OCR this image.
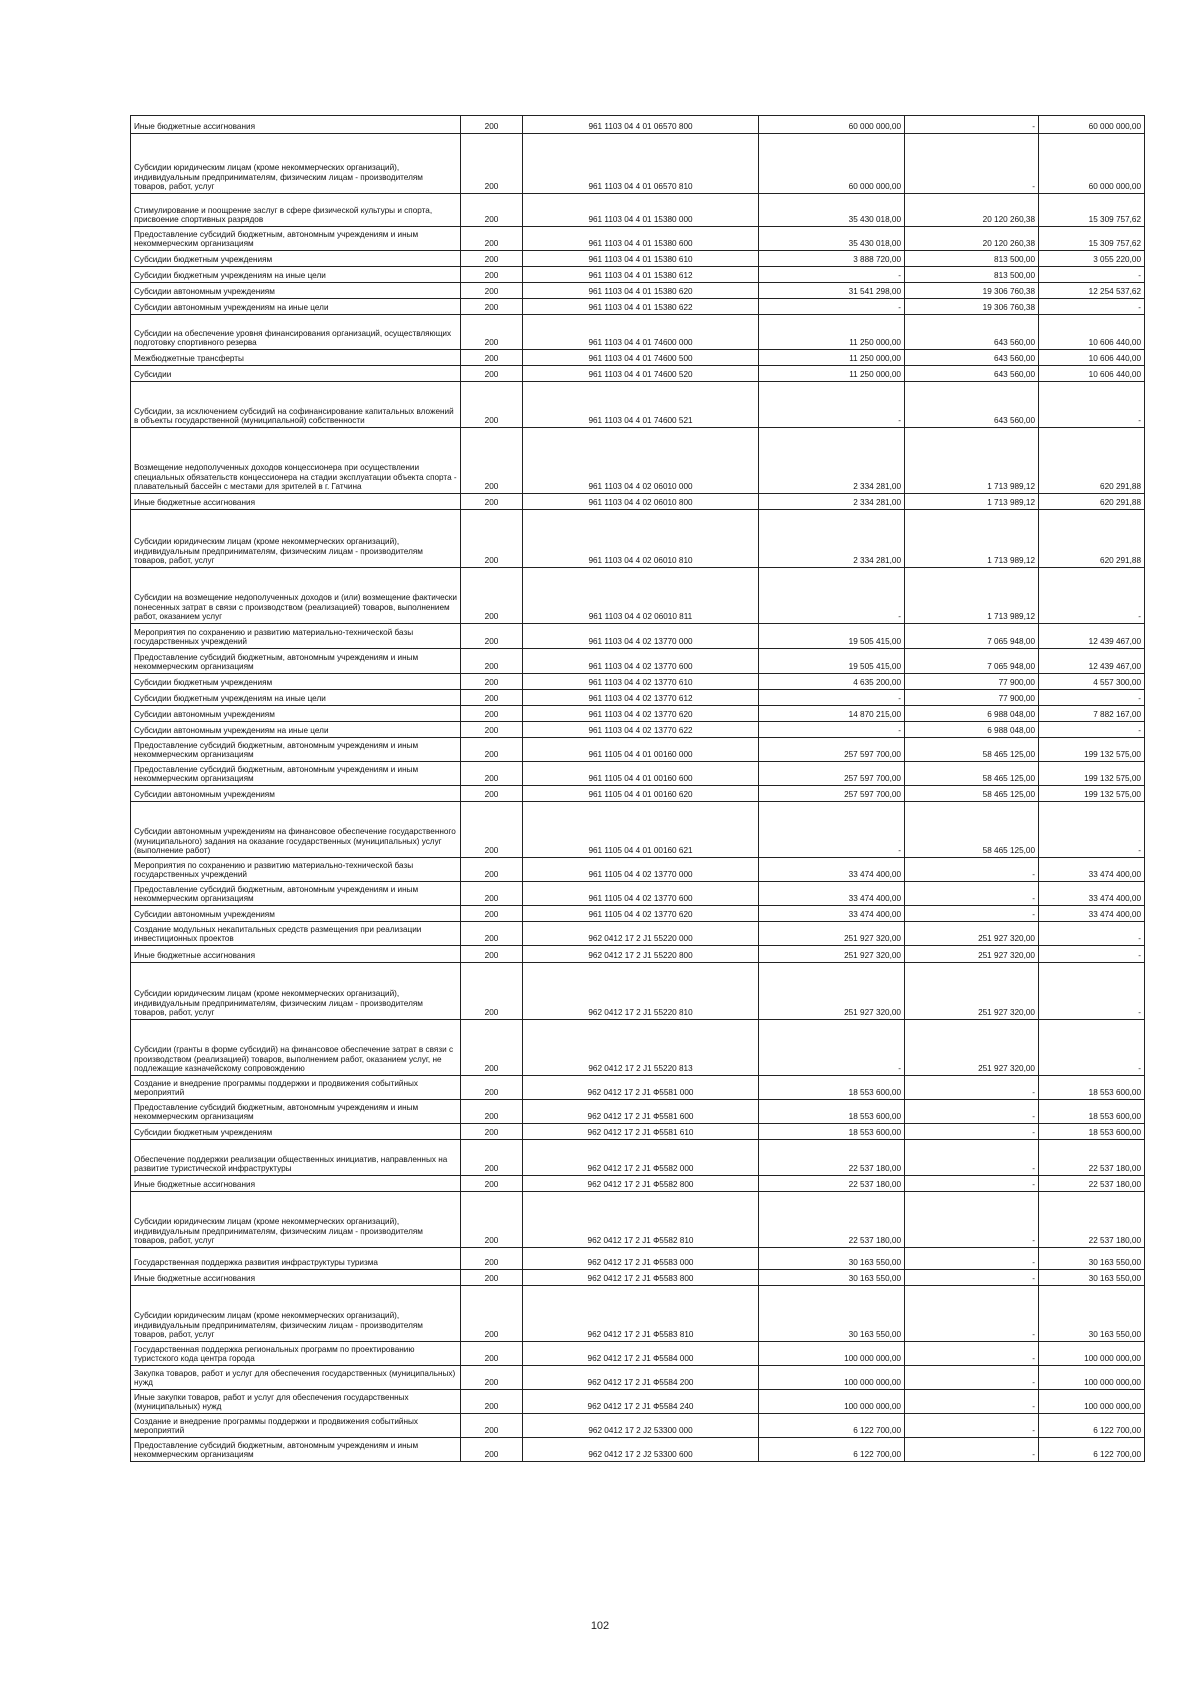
Иные бюджетные ассигнования	200	961 1103 04 4 01 06570 800	60 000 000,00	-	60 000 000,00
Субсидии юридическим лицам (кроме некоммерческих организаций), индивидуальным предпринимателям, физическим лицам - производителям товаров, работ, услуг	200	961 1103 04 4 01 06570 810	60 000 000,00	-	60 000 000,00
Стимулирование и поощрение заслуг в сфере физической культуры и спорта, присвоение спортивных разрядов	200	961 1103 04 4 01 15380 000	35 430 018,00	20 120 260,38	15 309 757,62
Предоставление субсидий бюджетным, автономным учреждениям и иным некоммерческим организациям	200	961 1103 04 4 01 15380 600	35 430 018,00	20 120 260,38	15 309 757,62
Субсидии бюджетным учреждениям	200	961 1103 04 4 01 15380 610	3 888 720,00	813 500,00	3 055 220,00
Субсидии бюджетным учреждениям на иные цели	200	961 1103 04 4 01 15380 612	-	813 500,00	-
Субсидии автономным учреждениям	200	961 1103 04 4 01 15380 620	31 541 298,00	19 306 760,38	12 254 537,62
Субсидии автономным учреждениям на иные цели	200	961 1103 04 4 01 15380 622	-	19 306 760,38	-
Субсидии на обеспечение уровня финансирования организаций, осуществляющих подготовку спортивного резерва	200	961 1103 04 4 01 74600 000	11 250 000,00	643 560,00	10 606 440,00
Межбюджетные трансферты	200	961 1103 04 4 01 74600 500	11 250 000,00	643 560,00	10 606 440,00
Субсидии	200	961 1103 04 4 01 74600 520	11 250 000,00	643 560,00	10 606 440,00
Субсидии, за исключением субсидий на софинансирование капитальных вложений в объекты государственной (муниципальной) собственности	200	961 1103 04 4 01 74600 521	-	643 560,00	-
Возмещение недополученных доходов концессионера при осуществлении специальных обязательств концессионера на стадии эксплуатации объекта спорта - плавательный бассейн с местами для зрителей в г. Гатчина	200	961 1103 04 4 02 06010 000	2 334 281,00	1 713 989,12	620 291,88
Иные бюджетные ассигнования	200	961 1103 04 4 02 06010 800	2 334 281,00	1 713 989,12	620 291,88
Субсидии юридическим лицам (кроме некоммерческих организаций), индивидуальным предпринимателям, физическим лицам - производителям товаров, работ, услуг	200	961 1103 04 4 02 06010 810	2 334 281,00	1 713 989,12	620 291,88
Субсидии на возмещение недополученных доходов и (или) возмещение фактически понесенных затрат в связи с производством (реализацией) товаров, выполнением работ, оказанием услуг	200	961 1103 04 4 02 06010 811	-	1 713 989,12	-
Мероприятия по сохранению и развитию материально-технической базы государственных учреждений	200	961 1103 04 4 02 13770 000	19 505 415,00	7 065 948,00	12 439 467,00
Предоставление субсидий бюджетным, автономным учреждениям и иным некоммерческим организациям	200	961 1103 04 4 02 13770 600	19 505 415,00	7 065 948,00	12 439 467,00
Субсидии бюджетным учреждениям	200	961 1103 04 4 02 13770 610	4 635 200,00	77 900,00	4 557 300,00
Субсидии бюджетным учреждениям на иные цели	200	961 1103 04 4 02 13770 612	-	77 900,00	-
Субсидии автономным учреждениям	200	961 1103 04 4 02 13770 620	14 870 215,00	6 988 048,00	7 882 167,00
Субсидии автономным учреждениям на иные цели	200	961 1103 04 4 02 13770 622	-	6 988 048,00	-
Предоставление субсидий бюджетным, автономным учреждениям и иным некоммерческим организациям	200	961 1105 04 4 01 00160 000	257 597 700,00	58 465 125,00	199 132 575,00
Предоставление субсидий бюджетным, автономным учреждениям и иным некоммерческим организациям	200	961 1105 04 4 01 00160 600	257 597 700,00	58 465 125,00	199 132 575,00
Субсидии автономным учреждениям	200	961 1105 04 4 01 00160 620	257 597 700,00	58 465 125,00	199 132 575,00
Субсидии автономным учреждениям на финансовое обеспечение государственного (муниципального) задания на оказание государственных (муниципальных) услуг (выполнение работ)	200	961 1105 04 4 01 00160 621	-	58 465 125,00	-
Мероприятия по сохранению и развитию материально-технической базы государственных учреждений	200	961 1105 04 4 02 13770 000	33 474 400,00	-	33 474 400,00
Предоставление субсидий бюджетным, автономным учреждениям и иным некоммерческим организациям	200	961 1105 04 4 02 13770 600	33 474 400,00	-	33 474 400,00
Субсидии автономным учреждениям	200	961 1105 04 4 02 13770 620	33 474 400,00	-	33 474 400,00
Создание модульных некапитальных средств размещения при реализации инвестиционных проектов	200	962 0412 17 2 J1 55220 000	251 927 320,00	251 927 320,00	-
Иные бюджетные ассигнования	200	962 0412 17 2 J1 55220 800	251 927 320,00	251 927 320,00	-
Субсидии юридическим лицам (кроме некоммерческих организаций), индивидуальным предпринимателям, физическим лицам - производителям товаров, работ, услуг	200	962 0412 17 2 J1 55220 810	251 927 320,00	251 927 320,00	-
Субсидии (гранты в форме субсидий) на финансовое обеспечение затрат в связи с производством (реализацией) товаров, выполнением работ, оказанием услуг, не подлежащие казначейскому сопровождению	200	962 0412 17 2 J1 55220 813	-	251 927 320,00	-
Создание и внедрение программы поддержки и продвижения событийных мероприятий	200	962 0412 17 2 J1 Ф5581 000	18 553 600,00	-	18 553 600,00
Предоставление субсидий бюджетным, автономным учреждениям и иным некоммерческим организациям	200	962 0412 17 2 J1 Ф5581 600	18 553 600,00	-	18 553 600,00
Субсидии бюджетным учреждениям	200	962 0412 17 2 J1 Ф5581 610	18 553 600,00	-	18 553 600,00
Обеспечение поддержки реализации общественных инициатив, направленных на развитие туристической инфраструктуры	200	962 0412 17 2 J1 Ф5582 000	22 537 180,00	-	22 537 180,00
Иные бюджетные ассигнования	200	962 0412 17 2 J1 Ф5582 800	22 537 180,00	-	22 537 180,00
Субсидии юридическим лицам (кроме некоммерческих организаций), индивидуальным предпринимателям, физическим лицам - производителям товаров, работ, услуг	200	962 0412 17 2 J1 Ф5582 810	22 537 180,00	-	22 537 180,00
Государственная поддержка развития инфраструктуры туризма	200	962 0412 17 2 J1 Ф5583 000	30 163 550,00	-	30 163 550,00
Иные бюджетные ассигнования	200	962 0412 17 2 J1 Ф5583 800	30 163 550,00	-	30 163 550,00
Субсидии юридическим лицам (кроме некоммерческих организаций), индивидуальным предпринимателям, физическим лицам - производителям товаров, работ, услуг	200	962 0412 17 2 J1 Ф5583 810	30 163 550,00	-	30 163 550,00
Государственная поддержка региональных программ по проектированию туристского кода центра города	200	962 0412 17 2 J1 Ф5584 000	100 000 000,00	-	100 000 000,00
Закупка товаров, работ и услуг для обеспечения государственных (муниципальных) нужд	200	962 0412 17 2 J1 Ф5584 200	100 000 000,00	-	100 000 000,00
Иные закупки товаров, работ и услуг для обеспечения государственных (муниципальных) нужд	200	962 0412 17 2 J1 Ф5584 240	100 000 000,00	-	100 000 000,00
Создание и внедрение программы поддержки и продвижения событийных мероприятий	200	962 0412 17 2 J2 53300 000	6 122 700,00	-	6 122 700,00
Предоставление субсидий бюджетным, автономным учреждениям и иным некоммерческим организациям	200	962 0412 17 2 J2 53300 600	6 122 700,00	-	6 122 700,00
102
